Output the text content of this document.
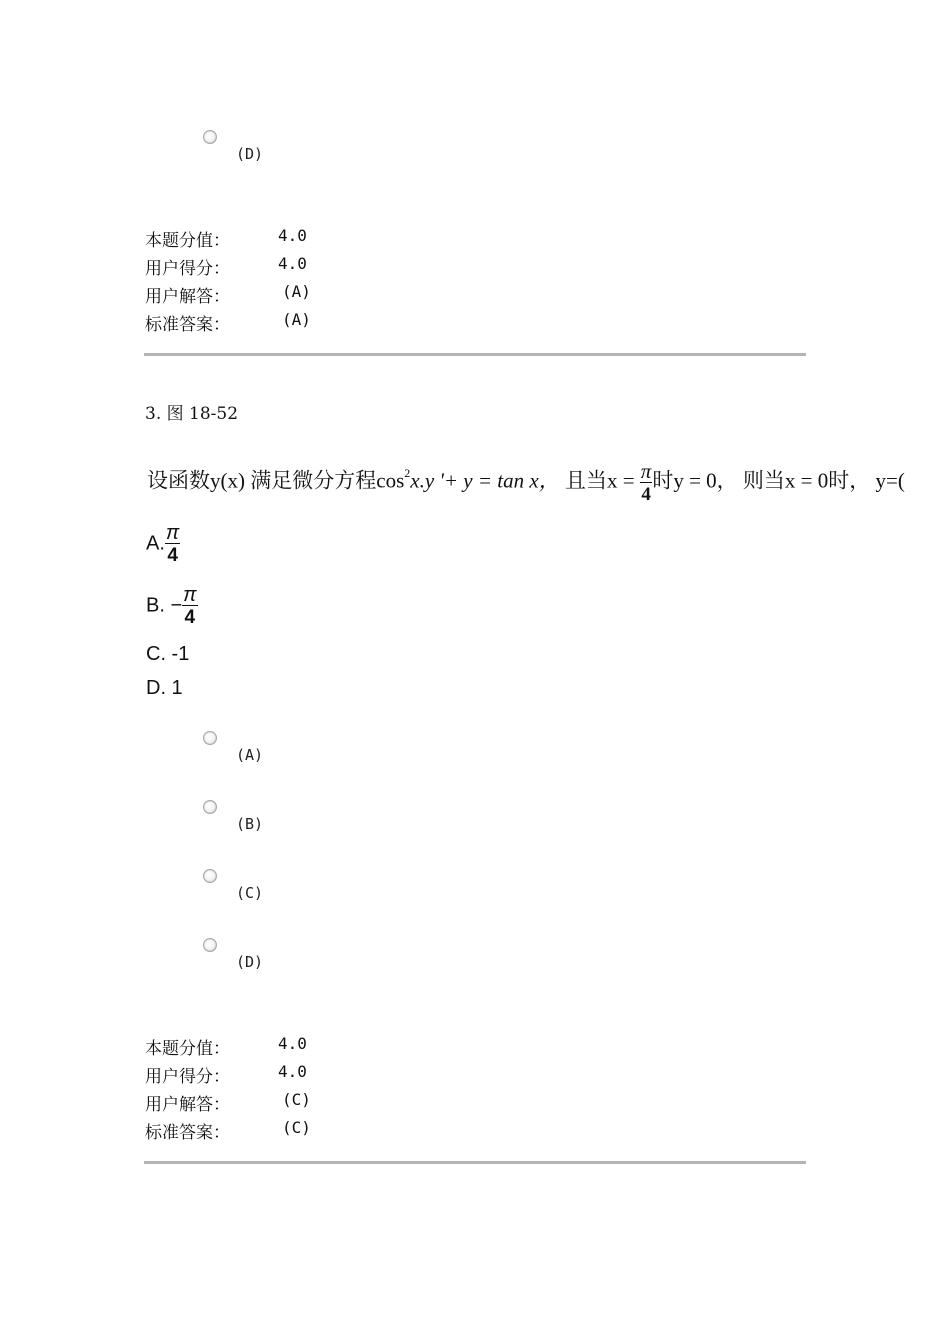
(D)
本题分值：	4.0
用户得分：	4.0
用户解答：	(A)
标准答案：	(A)
3. 图 18-52
设函数y(x) 满足微分方程$\cos^2x.y$ '+ y = tan x， 且当$x = \frac{\pi}{4}$ 时y = 0， 则当x = 0时， y=(
A. $\frac{\pi}{4}$
B. − $\frac{\pi}{4}$
C. -1
D. 1
(A)
(B)
(C)
(D)
本题分值：	4.0
用户得分：	4.0
用户解答：	(C)
标准答案：	(C)
